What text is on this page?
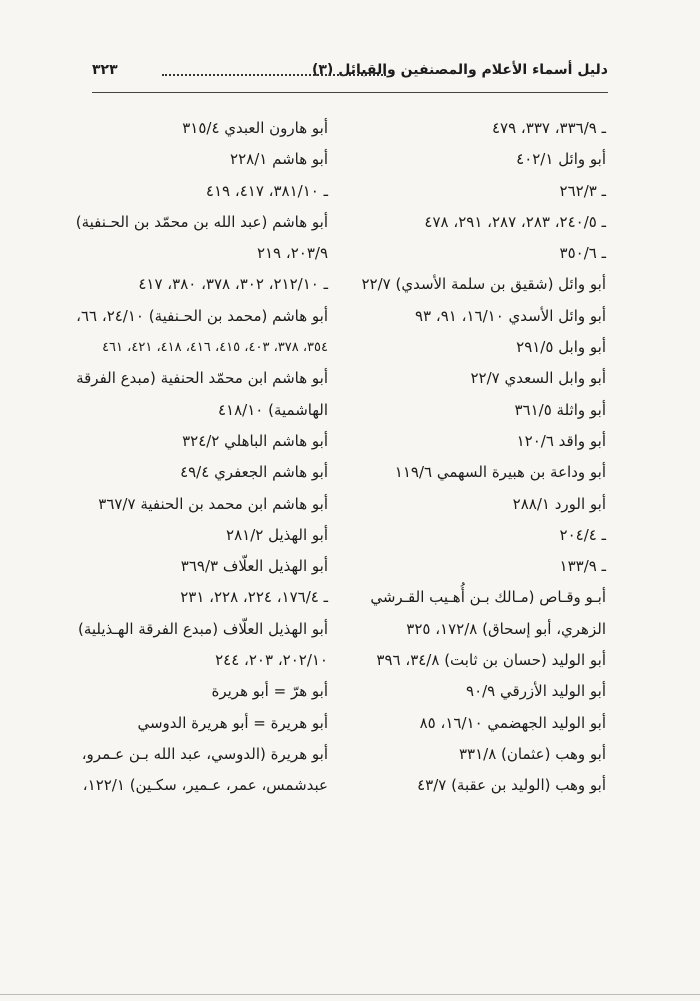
دليل أسماء الأعلام والمصنفين والقبائل (٣)
٣٢٣
ـ ٣٣٦/٩، ٣٣٧، ٤٧٩
أبو وائل ٤٠٢/١
ـ ٢٦٢/٣
ـ ٢٤٠/٥، ٢٨٣، ٢٨٧، ٢٩١، ٤٧٨
ـ ٣٥٠/٦
أبو وائل (شقيق بن سلمة الأسدي) ٢٢/٧
أبو وائل الأسدي ١٦/١٠، ٩١، ٩٣
أبو وابل ٢٩١/٥
أبو وابل السعدي ٢٢/٧
أبو واثلة ٣٦١/٥
أبو واقد ١٢٠/٦
أبو وداعة بن هبيرة السهمي ١١٩/٦
أبو الورد ٢٨٨/١
ـ ٢٠٤/٤
ـ ١٣٣/٩
أبـو وقـاص (مـالك بـن أُهـيب القـرشي
الزهري، أبو إسحاق) ١٧٢/٨، ٣٢٥
أبو الوليد (حسان بن ثابت) ٣٤/٨، ٣٩٦
أبو الوليد الأزرقي ٩٠/٩
أبو الوليد الجهضمي ١٦/١٠، ٨٥
أبو وهب (عثمان) ٣٣١/٨
أبو وهب (الوليد بن عقبة) ٤٣/٧
أبو هارون العبدي ٣١٥/٤
أبو هاشم ٢٢٨/١
ـ ٣٨١/١٠، ٤١٧، ٤١٩
أبو هاشم (عبد الله بن محمّد بن الحـنفية)
٢٠٣/٩، ٢١٩
ـ ٢١٢/١٠، ٣٠٢، ٣٧٨، ٣٨٠، ٤١٧
أبو هاشم (محمد بن الحـنفية) ٢٤/١٠، ٦٦،
٣٥٤، ٣٧٨، ٤٠٣، ٤١٥، ٤١٦، ٤١٨، ٤٢١، ٤٦١
أبو هاشم ابن محمّد الحنفية (مبدع الفرقة
الهاشمية) ٤١٨/١٠
أبو هاشم الباهلي ٣٢٤/٢
أبو هاشم الجعفري ٤٩/٤
أبو هاشم ابن محمد بن الحنفية ٣٦٧/٧
أبو الهذيل ٢٨١/٢
أبو الهذيل العلّاف ٣٦٩/٣
ـ ١٧٦/٤، ٢٢٤، ٢٢٨، ٢٣١
أبو الهذيل العلّاف (مبدع الفرقة الهـذيلية)
٢٠٢/١٠، ٢٠٣، ٢٤٤
أبو هرّ = أبو هريرة
أبو هريرة = أبو هريرة الدوسي
أبو هريرة (الدوسي، عبد الله بـن عـمرو،
عبدشمس، عمر، عـمير، سكـين) ١٢٢/١،
